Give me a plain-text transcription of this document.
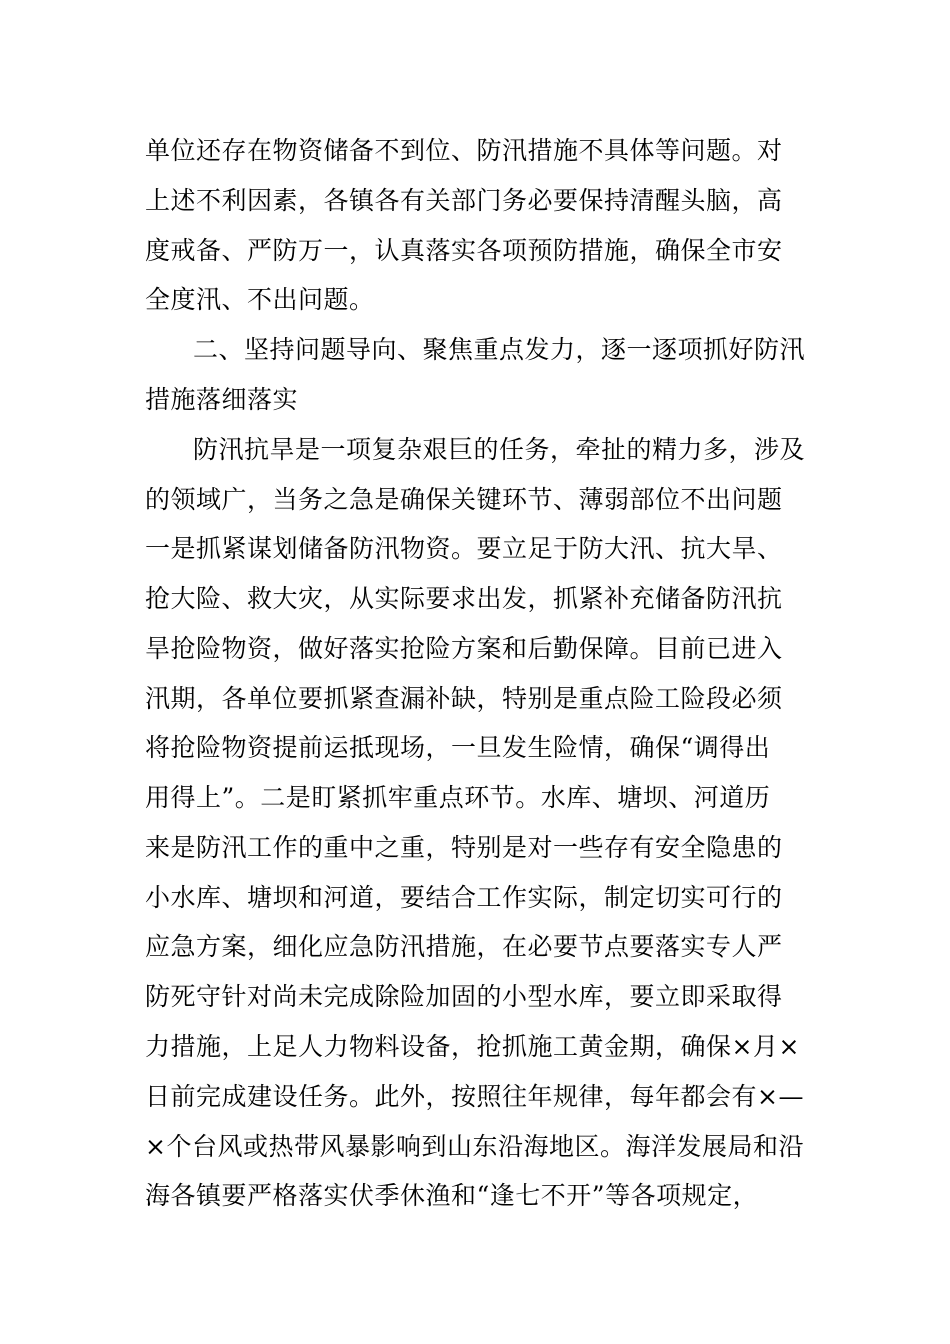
单位还存在物资储备不到位、防汛措施不具体等问题。对
上述不利因素，各镇各有关部门务必要保持清醒头脑，高
度戒备、严防万一，认真落实各项预防措施，确保全市安
全度汛、不出问题。
二、坚持问题导向、聚焦重点发力，逐一逐项抓好防汛
措施落细落实
防汛抗旱是一项复杂艰巨的任务，牵扯的精力多，涉及
的领域广，当务之急是确保关键环节、薄弱部位不出问题
一是抓紧谋划储备防汛物资。要立足于防大汛、抗大旱、
抢大险、救大灾，从实际要求出发，抓紧补充储备防汛抗
旱抢险物资，做好落实抢险方案和后勤保障。目前已进入
汛期，各单位要抓紧查漏补缺，特别是重点险工险段必须
将抢险物资提前运抵现场，一旦发生险情，确保“调得出
用得上”。二是盯紧抓牢重点环节。水库、塘坝、河道历
来是防汛工作的重中之重，特别是对一些存有安全隐患的
小水库、塘坝和河道，要结合工作实际，制定切实可行的
应急方案，细化应急防汛措施，在必要节点要落实专人严
防死守针对尚未完成除险加固的小型水库，要立即采取得
力措施，上足人力物料设备，抢抓施工黄金期，确保×月×
日前完成建设任务。此外，按照往年规律，每年都会有×—
×个台风或热带风暴影响到山东沿海地区。海洋发展局和沿
海各镇要严格落实伏季休渔和“逢七不开”等各项规定，
